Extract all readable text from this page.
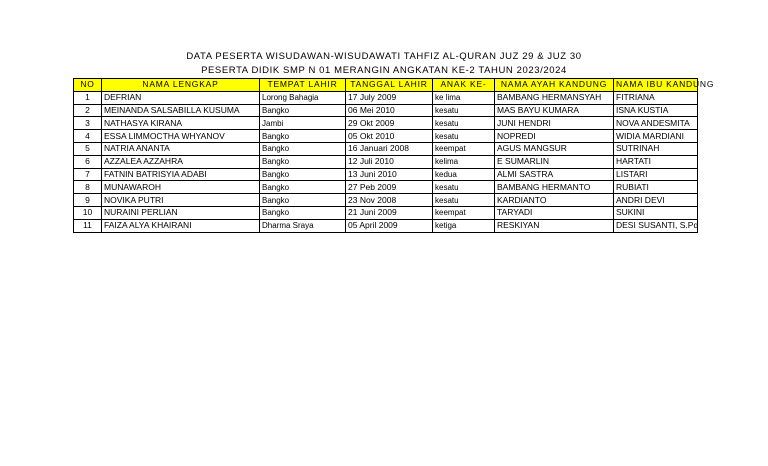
DATA PESERTA WISUDAWAN-WISUDAWATI TAHFIZ AL-QURAN JUZ 29 & JUZ 30
PESERTA DIDIK SMP N 01 MERANGIN ANGKATAN KE-2 TAHUN 2023/2024
NO	NAMA LENGKAP	TEMPAT LAHIR	TANGGAL LAHIR	ANAK KE-	NAMA AYAH KANDUNG	NAMA IBU KANDUNG
1	DEFRIAN	Lorong Bahagia	17 July 2009	ke lima	BAMBANG HERMANSYAH	FITRIANA
2	MEINANDA SALSABILLA KUSUMA	Bangko	06 Mei 2010	kesatu	MAS BAYU KUMARA	ISNA KUSTIA
3	NATHASYA KIRANA	Jambi	29 Okt 2009	kesatu	JUNI HENDRI	NOVA ANDESMITA
4	ESSA LIMMOCTHA WHYANOV	Bangko	05 Okt 2010	kesatu	NOPREDI	WIDIA MARDIANI
5	NATRIA ANANTA	Bangko	16 Januari 2008	keempat	AGUS MANGSUR	SUTRINAH
6	AZZALEA AZZAHRA	Bangko	12 Juli 2010	kelima	E SUMARLIN	HARTATI
7	FATNIN BATRISYIA ADABI	Bangko	13 Juni 2010	kedua	ALMI SASTRA	LISTARI
8	MUNAWAROH	Bangko	27 Peb 2009	kesatu	BAMBANG HERMANTO	RUBIATI
9	NOVIKA PUTRI	Bangko	23 Nov 2008	kesatu	KARDIANTO	ANDRI DEVI
10	NURAINI PERLIAN	Bangko	21 Juni 2009	keempat	TARYADI	SUKINI
11	FAIZA ALYA KHAIRANI	Dharma Sraya	05 April 2009	ketiga	RESKIYAN	DESI SUSANTI, S.Pd
